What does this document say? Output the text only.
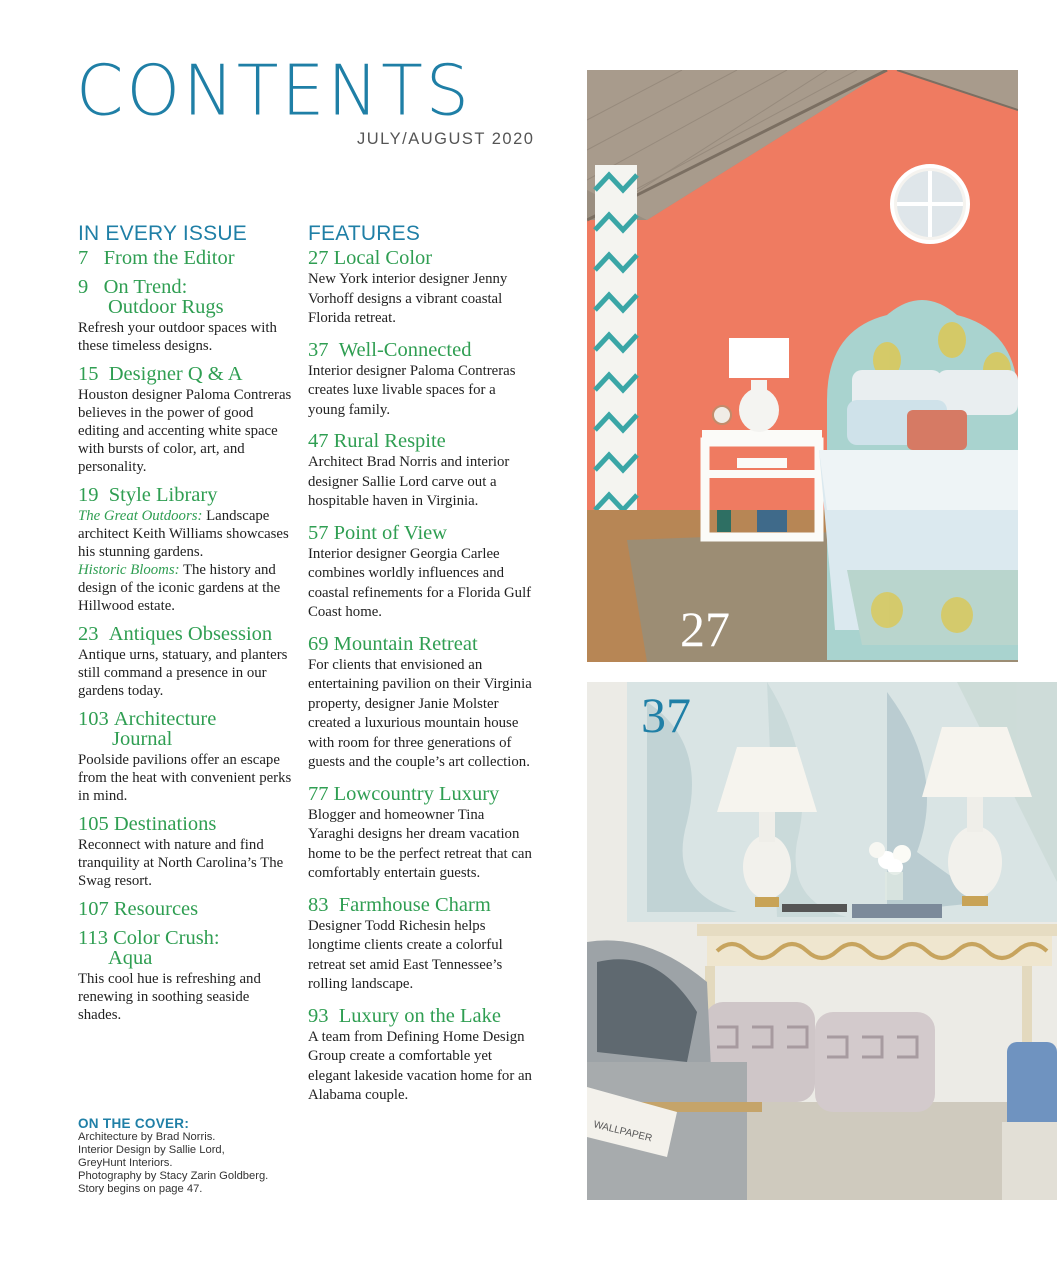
CONTENTS
JULY/AUGUST 2020
IN EVERY ISSUE
7 From the Editor
9 On Trend:
Outdoor Rugs
Refresh your outdoor spaces with these timeless designs.
15 Designer Q & A
Houston designer Paloma Contreras believes in the power of good editing and accenting white space with bursts of color, art, and personality.
19 Style Library
The Great Outdoors: Landscape architect Keith Williams showcases his stunning gardens.
Historic Blooms: The history and design of the iconic gardens at the Hillwood estate.
23 Antiques Obsession
Antique urns, statuary, and planters still command a presence in our gardens today.
103 Architecture
Journal
Poolside pavilions offer an escape from the heat with convenient perks in mind.
105 Destinations
Reconnect with nature and find tranquility at North Carolina’s The Swag resort.
107 Resources
113 Color Crush:
Aqua
This cool hue is refreshing and renewing in soothing seaside shades.
FEATURES
27 Local Color
New York interior designer Jenny Vorhoff designs a vibrant coastal Florida retreat.
37 Well-Connected
Interior designer Paloma Contreras creates luxe livable spaces for a young family.
47 Rural Respite
Architect Brad Norris and interior designer Sallie Lord carve out a hospitable haven in Virginia.
57 Point of View
Interior designer Georgia Carlee combines worldly influences and coastal refinements for a Florida Gulf Coast home.
69 Mountain Retreat
For clients that envisioned an entertaining pavilion on their Virginia property, designer Janie Molster created a luxurious mountain house with room for three generations of guests and the couple’s art collection.
77 Lowcountry Luxury
Blogger and homeowner Tina Yaraghi designs her dream vacation home to be the perfect retreat that can comfortably entertain guests.
83 Farmhouse Charm
Designer Todd Richesin helps longtime clients create a colorful retreat set amid East Tennessee’s rolling landscape.
93 Luxury on the Lake
A team from Defining Home Design Group create a comfortable yet elegant lakeside vacation home for an Alabama couple.
ON THE COVER:
Architecture by Brad Norris.
Interior Design by Sallie Lord,
GreyHunt Interiors.
Photography by Stacy Zarin Goldberg.
Story begins on page 47.
27
WALLPAPER
37
